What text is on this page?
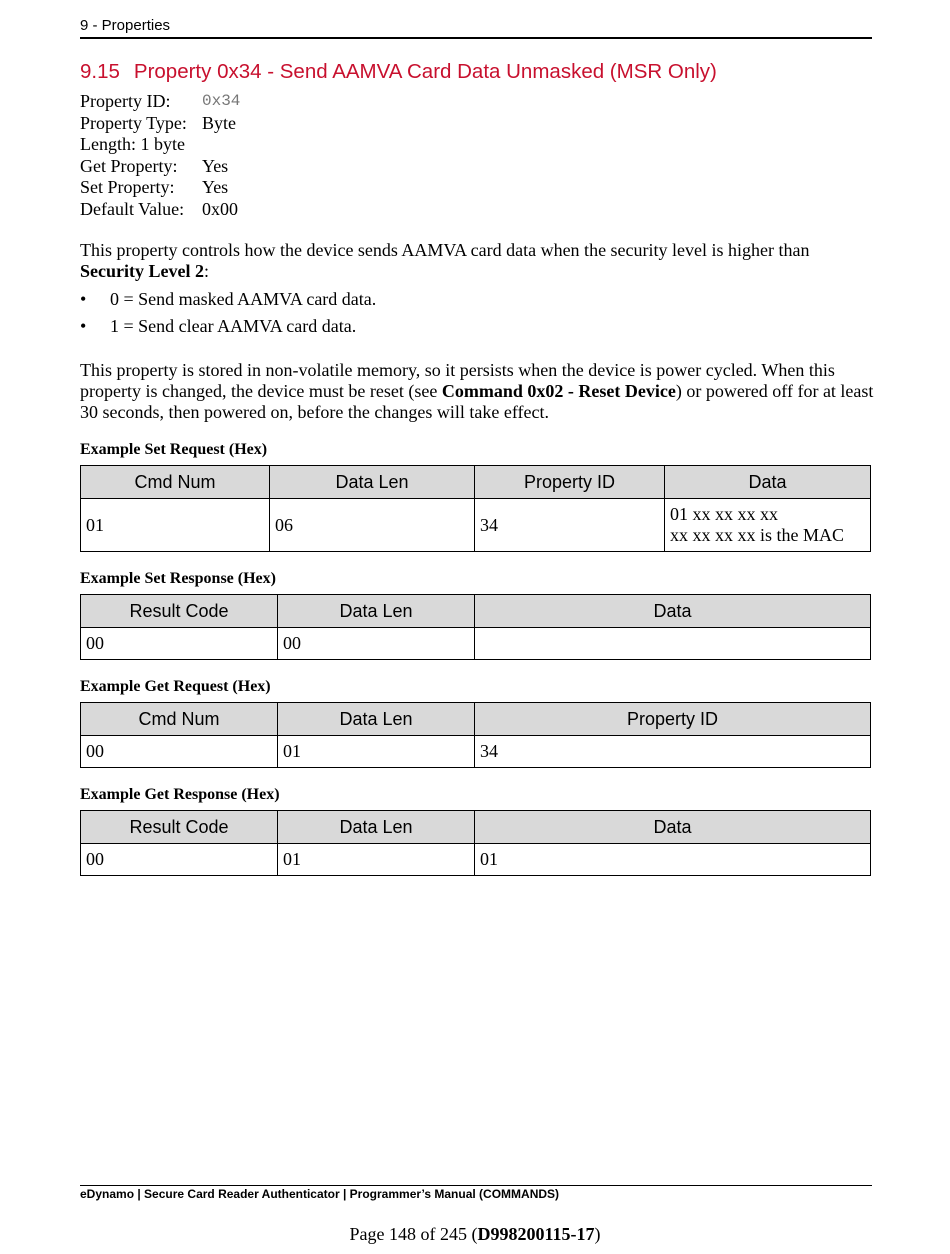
9 - Properties
9.15 Property 0x34 - Send AAMVA Card Data Unmasked (MSR Only)
Property ID: 0x34
Property Type: Byte
Length: 1 byte
Get Property: Yes
Set Property: Yes
Default Value: 0x00
This property controls how the device sends AAMVA card data when the security level is higher than
Security Level 2:
• 0 = Send masked AAMVA card data.
• 1 = Send clear AAMVA card data.
This property is stored in non-volatile memory, so it persists when the device is power cycled. When this property is changed, the device must be reset (see Command 0x02 - Reset Device) or powered off for at least 30 seconds, then powered on, before the changes will take effect.
Example Set Request (Hex)
Cmd Num	Data Len	Property ID	Data
01	06	34	01 xx xx xx xx
xx xx xx xx is the MAC
Example Set Response (Hex)
Result Code	Data Len	Data
00	00	
Example Get Request (Hex)
Cmd Num	Data Len	Property ID
00	01	34
Example Get Response (Hex)
Result Code	Data Len	Data
00	01	01
eDynamo | Secure Card Reader Authenticator | Programmer’s Manual (COMMANDS)
Page 148 of 245 (D998200115-17)
